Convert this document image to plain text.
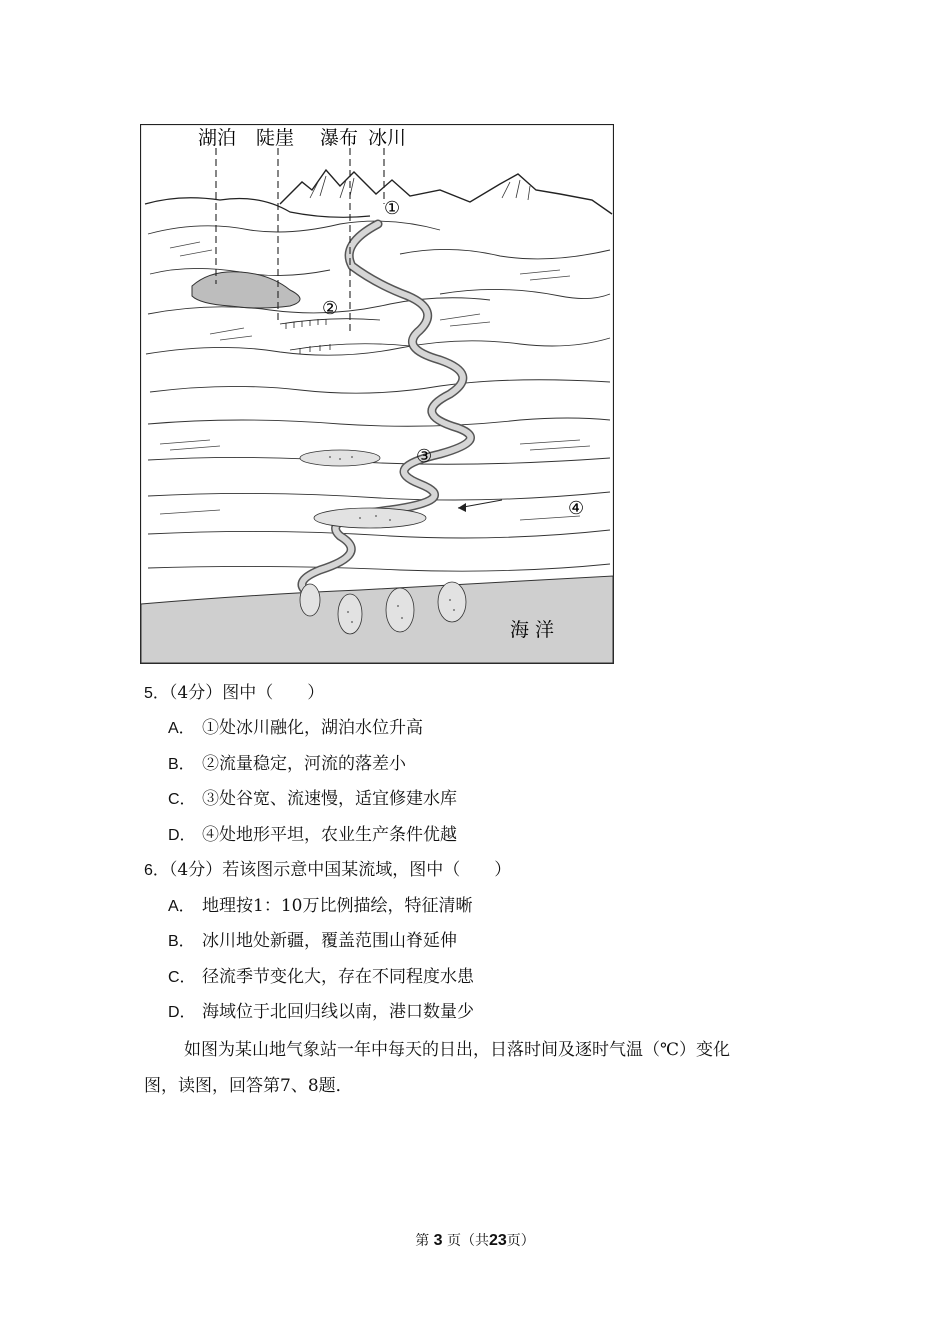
湖泊 陡崖 瀑布 冰川
①
②
③
④
海 洋
5．（4分）图中（　　）
A． ①处冰川融化，湖泊水位升高
B． ②流量稳定，河流的落差小
C． ③处谷宽、流速慢，适宜修建水库
D． ④处地形平坦，农业生产条件优越
6．（4分）若该图示意中国某流域，图中（　　）
A． 地理按1：10万比例描绘，特征清晰
B． 冰川地处新疆，覆盖范围山脊延伸
C． 径流季节变化大，存在不同程度水患
D． 海域位于北回归线以南，港口数量少
如图为某山地气象站一年中每天的日出，日落时间及逐时气温（℃）变化
图，读图，回答第7、8题．
第 3 页（共23页）
